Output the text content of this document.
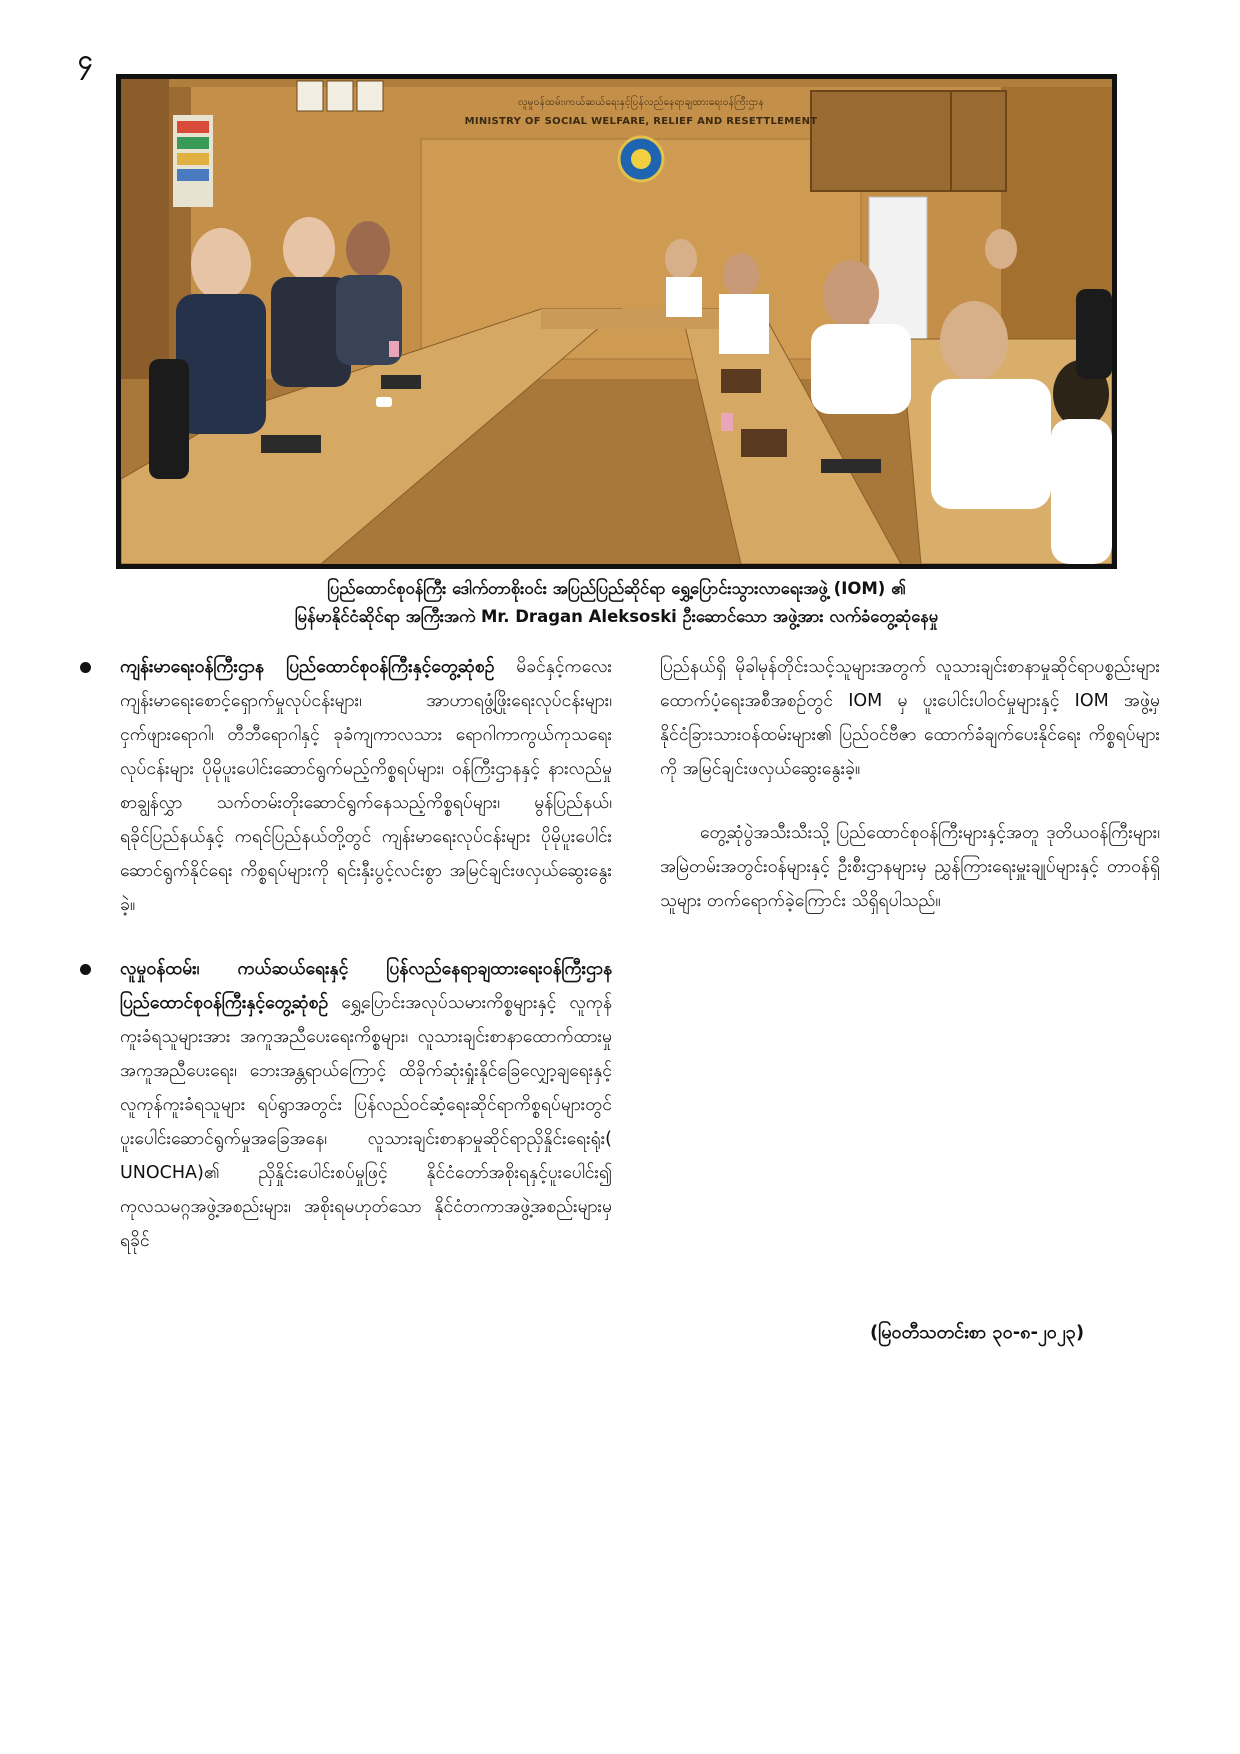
၄
လူမှုဝန်ထမ်း၊ကယ်ဆယ်ရေးနှင့်ပြန်လည်နေရာချထားရေးဝန်ကြီးဌာန
MINISTRY OF SOCIAL WELFARE, RELIEF AND RESETTLEMENT
ပြည်ထောင်စုဝန်ကြီး ဒေါက်တာစိုးဝင်း အပြည်ပြည်ဆိုင်ရာ ရွှေ့ပြောင်းသွားလာရေးအဖွဲ့ (IOM) ၏
မြန်မာနိုင်ငံဆိုင်ရာ အကြီးအကဲ Mr. Dragan Aleksoski ဦးဆောင်သော အဖွဲ့အား လက်ခံတွေ့ဆုံနေမှု

ကျန်းမာရေးဝန်ကြီးဌာန ပြည်ထောင်စုဝန်ကြီးနှင့်တွေ့ဆုံစဉ် မိခင်နှင့်ကလေး ကျန်းမာရေးစောင့်ရှောက်မှုလုပ်ငန်းများ၊ အာဟာရဖွံ့ဖြိုးရေးလုပ်ငန်းများ၊ ငှက်ဖျားရောဂါ၊ တီဘီရောဂါနှင့် ခုခံကျကာလသား ရောဂါကာကွယ်ကုသရေးလုပ်ငန်းများ ပိုမိုပူးပေါင်းဆောင်ရွက်မည့်ကိစ္စရပ်များ၊ ဝန်ကြီးဌာနနှင့် နားလည်မှုစာချွန်လွှာ သက်တမ်းတိုးဆောင်ရွက်နေသည့်ကိစ္စရပ်များ၊ မွန်ပြည်နယ်၊ ရခိုင်ပြည်နယ်နှင့် ကရင်ပြည်နယ်တို့တွင် ကျန်းမာရေးလုပ်ငန်းများ ပိုမိုပူးပေါင်းဆောင်ရွက်နိုင်ရေး ကိစ္စရပ်များကို ရင်းနှီးပွင့်လင်းစွာ အမြင်ချင်းဖလှယ်ဆွေးနွေးခဲ့။

လူမှုဝန်ထမ်း၊ ကယ်ဆယ်ရေးနှင့် ပြန်လည်နေရာချထားရေးဝန်ကြီးဌာန ပြည်ထောင်စုဝန်ကြီးနှင့်တွေ့ဆုံစဉ် ရွှေ့ပြောင်းအလုပ်သမားကိစ္စများနှင့် လူကုန်ကူးခံရသူများအား အကူအညီပေးရေးကိစ္စများ၊ လူသားချင်းစာနာထောက်ထားမှု အကူအညီပေးရေး၊ ဘေးအန္တရာယ်ကြောင့် ထိခိုက်ဆုံးရှုံးနိုင်ခြေလျှော့ချရေးနှင့် လူကုန်ကူးခံရသူများ ရပ်ရွာအတွင်း ပြန်လည်ဝင်ဆံ့ရေးဆိုင်ရာကိစ္စရပ်များတွင် ပူးပေါင်းဆောင်ရွက်မှုအခြေအနေ၊ လူသားချင်းစာနာမှုဆိုင်ရာညှိနှိုင်းရေးရုံး( UNOCHA)၏ ညှိနှိုင်းပေါင်းစပ်မှုဖြင့် နိုင်ငံတော်အစိုးရနှင့်ပူးပေါင်း၍ ကုလသမဂ္ဂအဖွဲ့အစည်းများ၊ အစိုးရမဟုတ်သော နိုင်ငံတကာအဖွဲ့အစည်းများမှ ရခိုင်

ပြည်နယ်ရှိ မိုခါမုန်တိုင်းသင့်သူများအတွက် လူသားချင်းစာနာမှုဆိုင်ရာပစ္စည်းများ ထောက်ပံ့ရေးအစီအစဉ်တွင် IOM မှ ပူးပေါင်းပါဝင်မှုများနှင့် IOM အဖွဲ့မှ နိုင်ငံခြားသားဝန်ထမ်းများ၏ ပြည်ဝင်ဗီဇာ ထောက်ခံချက်ပေးနိုင်ရေး ကိစ္စရပ်များကို အမြင်ချင်းဖလှယ်ဆွေးနွေးခဲ့။

တွေ့ဆုံပွဲအသီးသီးသို့ ပြည်ထောင်စုဝန်ကြီးများနှင့်အတူ ဒုတိယဝန်ကြီးများ၊ အမြဲတမ်းအတွင်းဝန်များနှင့် ဦးစီးဌာနများမှ ညွှန်ကြားရေးမှူးချုပ်များနှင့် တာဝန်ရှိသူများ တက်ရောက်ခဲ့ကြောင်း သိရှိရပါသည်။

(မြဝတီသတင်းစာ ၃၀-၈-၂၀၂၃)
